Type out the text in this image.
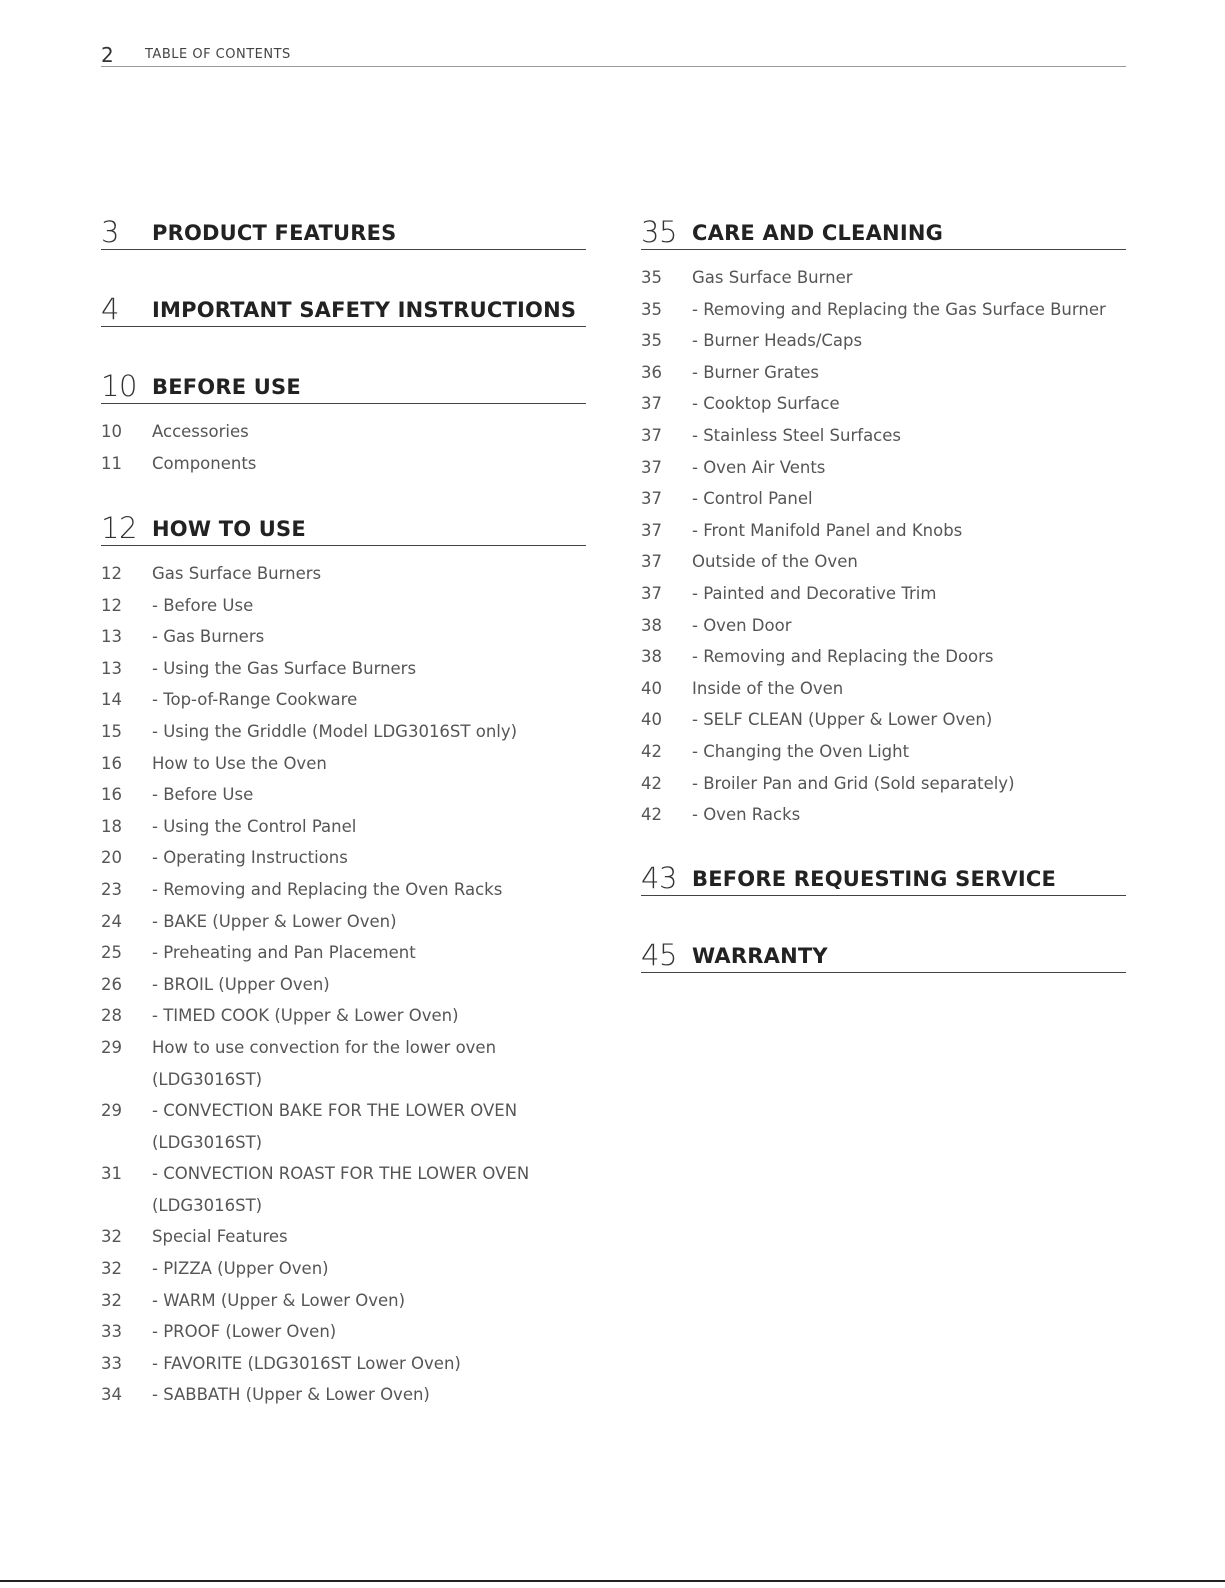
2 TABLE OF CONTENTS
3 PRODUCT FEATURES
4 IMPORTANT SAFETY INSTRUCTIONS
10 BEFORE USE
10 Accessories
11 Components
12 HOW TO USE
12 Gas Surface Burners
12 - Before Use
13 - Gas Burners
13 - Using the Gas Surface Burners
14 - Top-of-Range Cookware
15 - Using the Griddle (Model LDG3016ST only)
16 How to Use the Oven
16 - Before Use
18 - Using the Control Panel
20 - Operating Instructions
23 - Removing and Replacing the Oven Racks
24 - BAKE (Upper & Lower Oven)
25 - Preheating and Pan Placement
26 - BROIL (Upper Oven)
28 - TIMED COOK (Upper & Lower Oven)
29 How to use convection for the lower oven
(LDG3016ST)
29 - CONVECTION BAKE FOR THE LOWER OVEN
(LDG3016ST)
31 - CONVECTION ROAST FOR THE LOWER OVEN
(LDG3016ST)
32 Special Features
32 - PIZZA (Upper Oven)
32 - WARM (Upper & Lower Oven)
33 - PROOF (Lower Oven)
33 - FAVORITE (LDG3016ST Lower Oven)
34 - SABBATH (Upper & Lower Oven)
35 CARE AND CLEANING
35 Gas Surface Burner
35 - Removing and Replacing the Gas Surface Burner
35 - Burner Heads/Caps
36 - Burner Grates
37 - Cooktop Surface
37 - Stainless Steel Surfaces
37 - Oven Air Vents
37 - Control Panel
37 - Front Manifold Panel and Knobs
37 Outside of the Oven
37 - Painted and Decorative Trim
38 - Oven Door
38 - Removing and Replacing the Doors
40 Inside of the Oven
40 - SELF CLEAN (Upper & Lower Oven)
42 - Changing the Oven Light
42 - Broiler Pan and Grid (Sold separately)
42 - Oven Racks
43 BEFORE REQUESTING SERVICE
45 WARRANTY
